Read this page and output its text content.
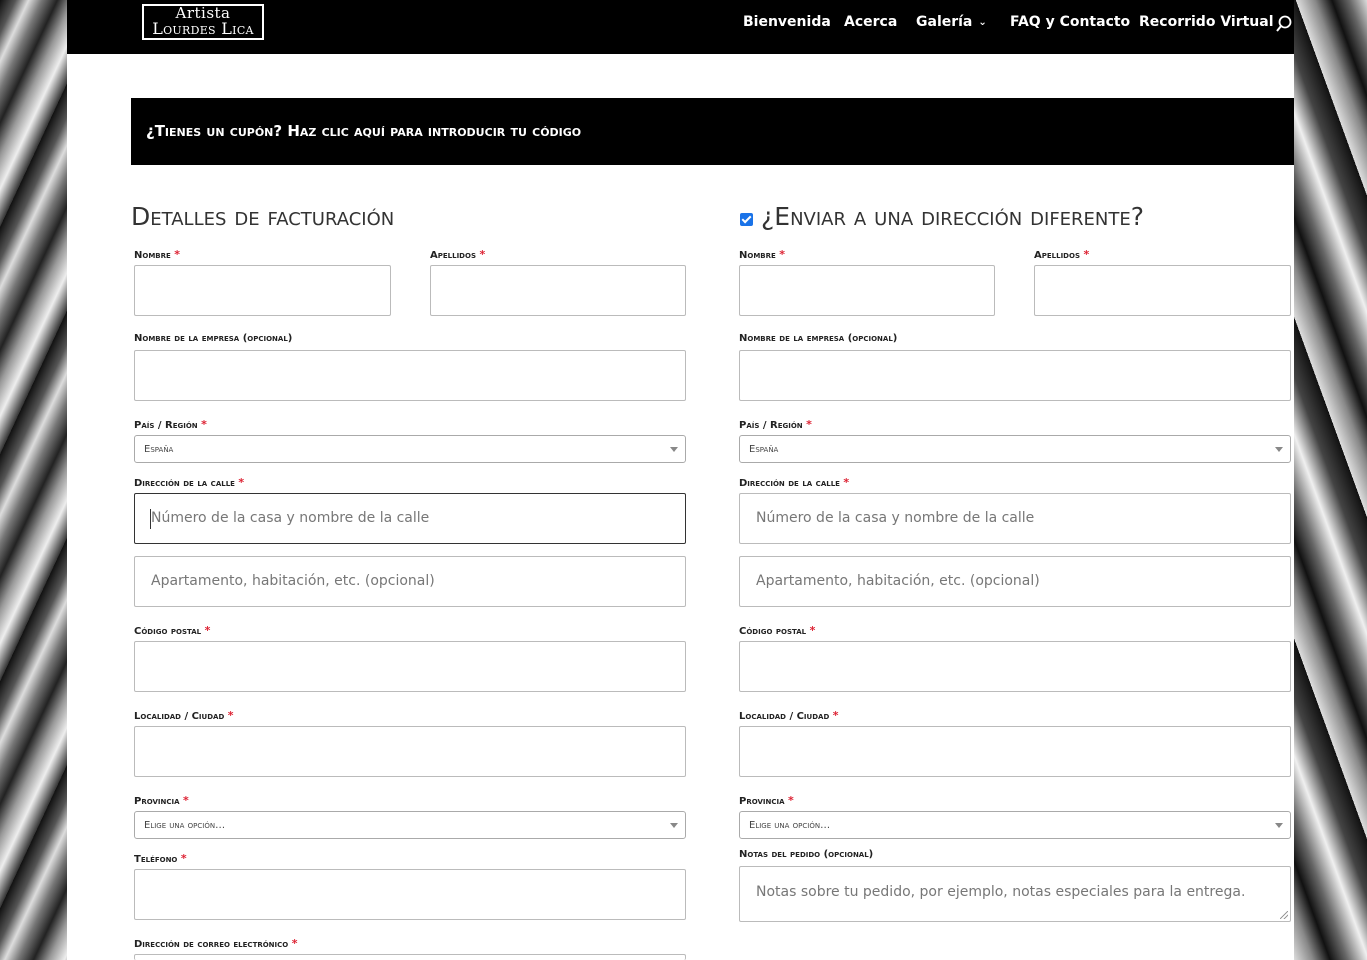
Artista
Lourdes Lica	Bienvenida Acerca Galería ⌄ FAQ y Contacto Recorrido Virtual
¿Tienes un cupón? Haz clic aquí para introducir tu código
Detalles de facturación
Nombre *	Apellidos *
Nombre de la empresa (opcional)
País / Región *
España
Dirección de la calle *
Número de la casa y nombre de la calle
Apartamento, habitación, etc. (opcional)
Código postal *
Localidad / Ciudad *
Provincia *
Elige una opción…
Teléfono *
Dirección de correo electrónico *
¿Enviar a una dirección diferente?
Nombre *	Apellidos *
Nombre de la empresa (opcional)
País / Región *
España
Dirección de la calle *
Número de la casa y nombre de la calle
Apartamento, habitación, etc. (opcional)
Código postal *
Localidad / Ciudad *
Provincia *
Elige una opción…
Notas del pedido (opcional)
Notas sobre tu pedido, por ejemplo, notas especiales para la entrega.
